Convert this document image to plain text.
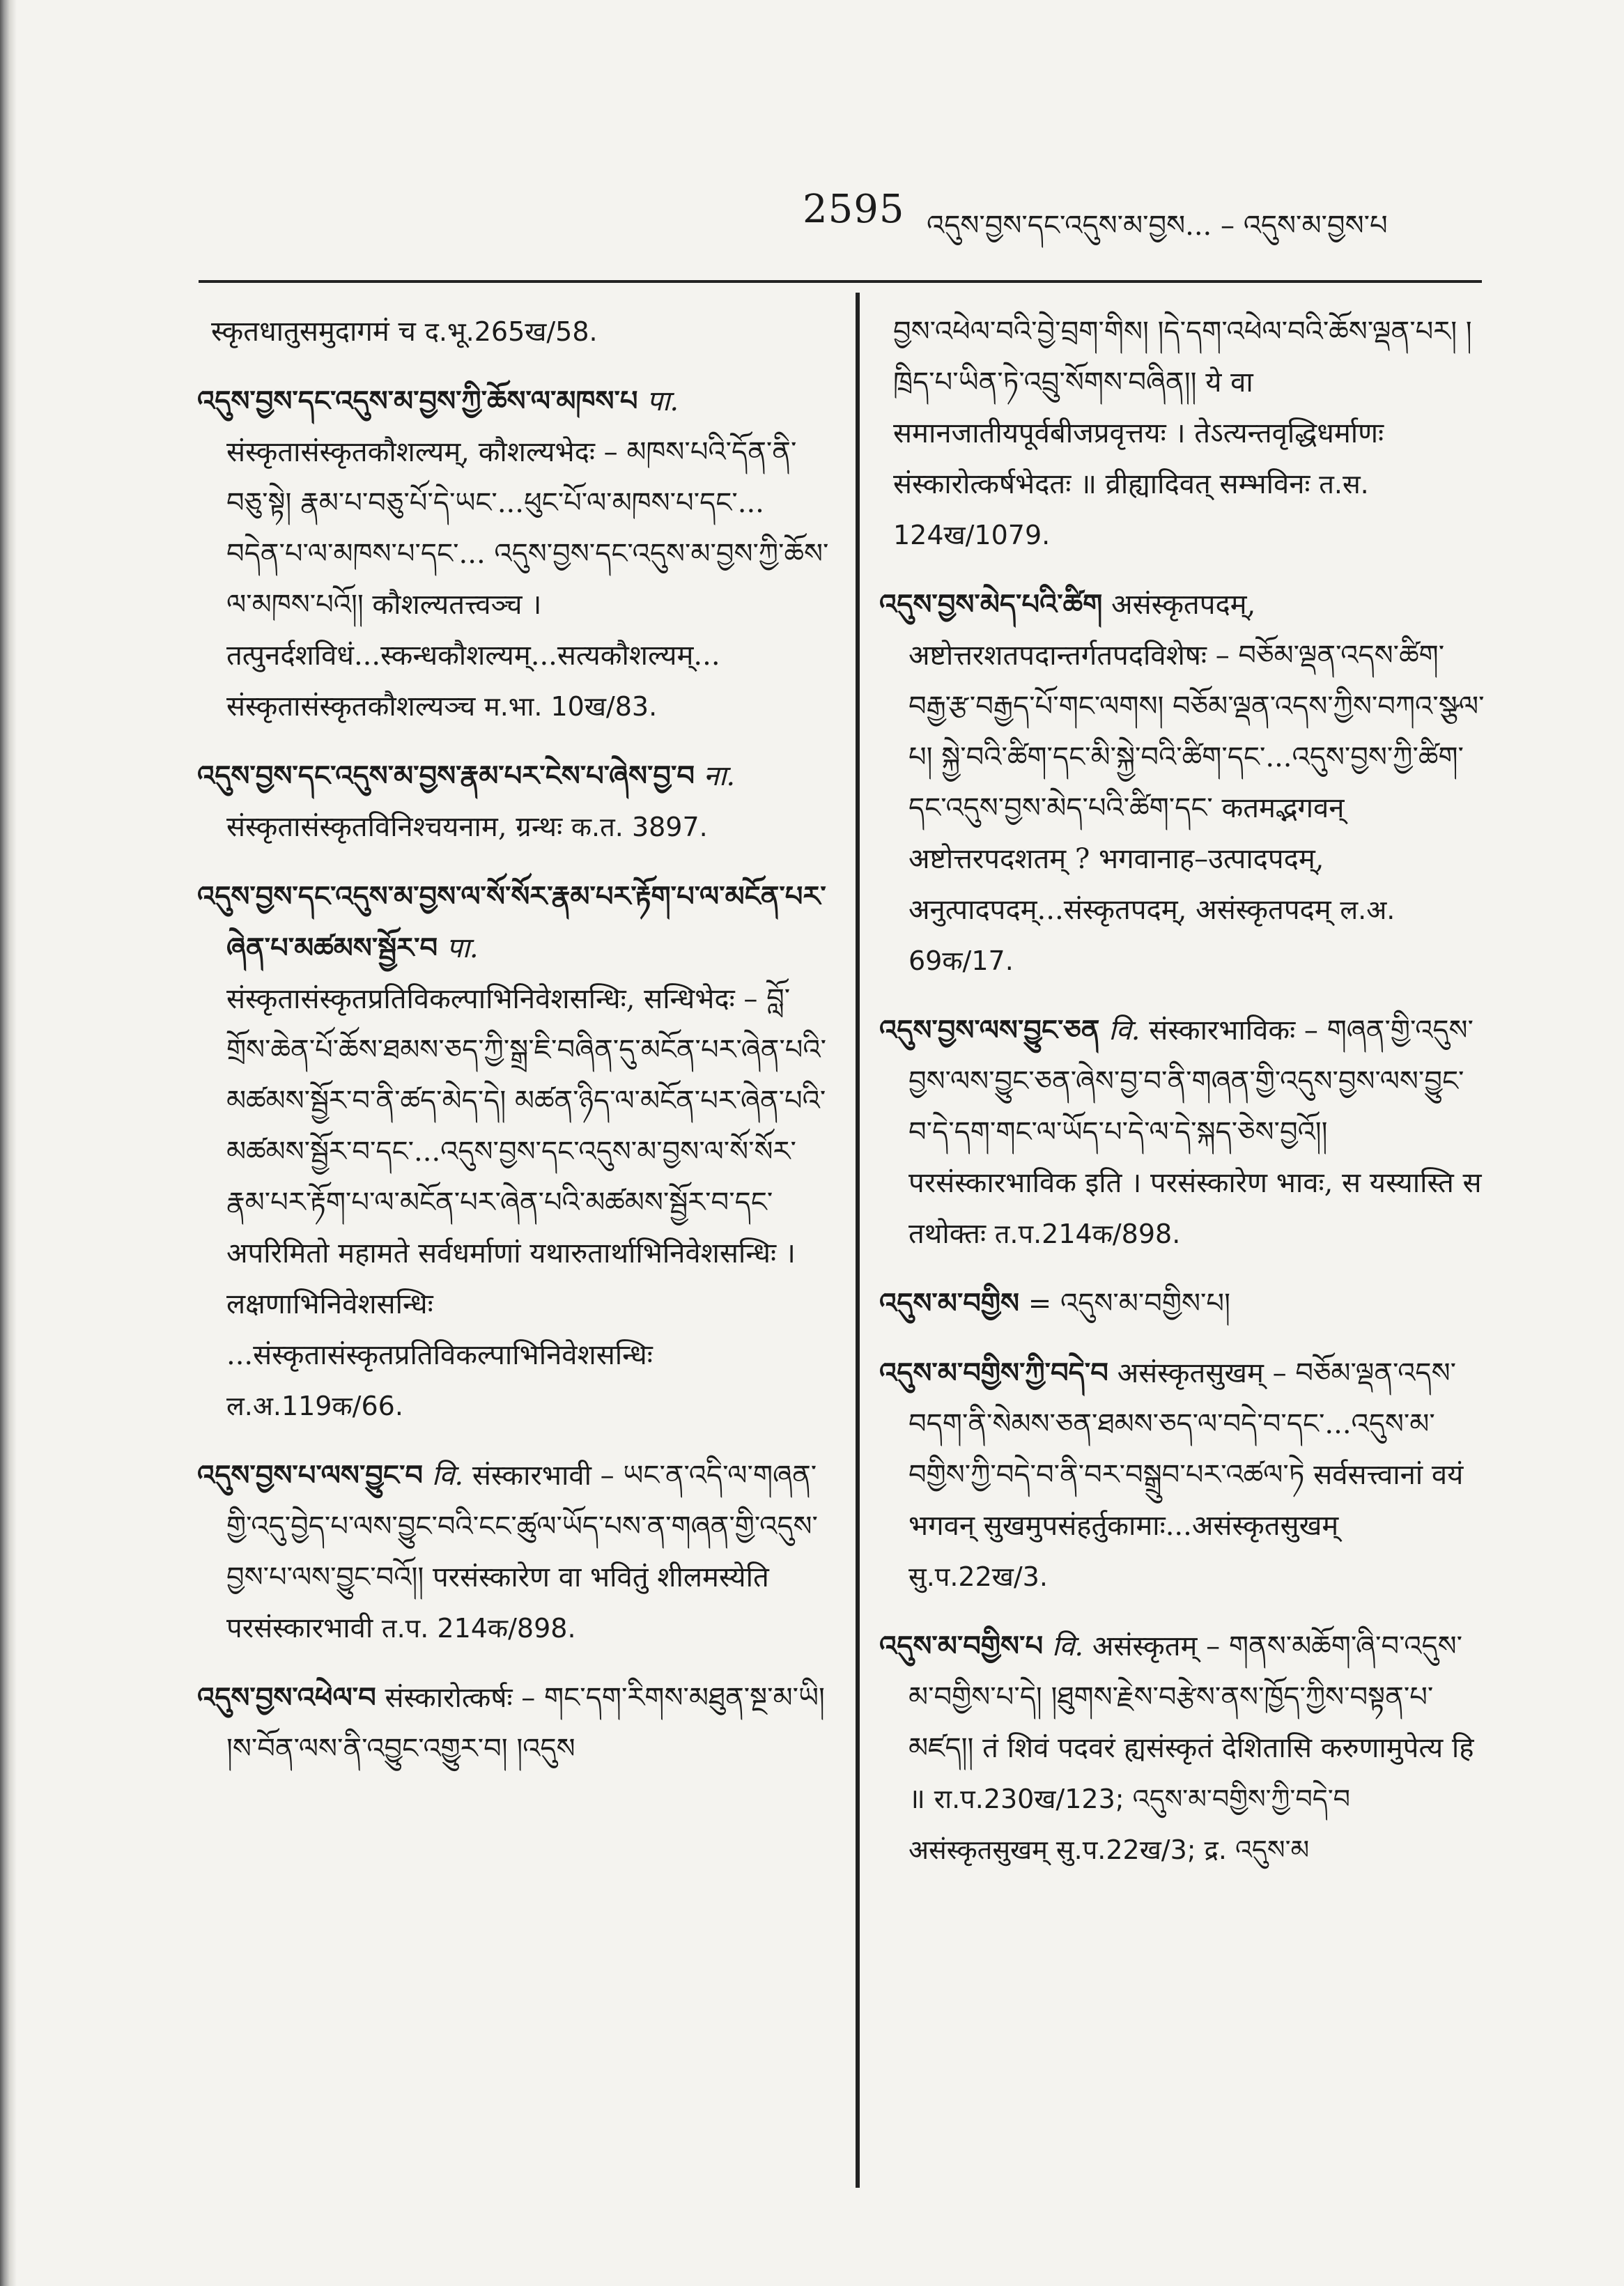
2595 འདུས་བྱས་དང་འདུས་མ་བྱས... – འདུས་མ་བྱས་པ

स्कृतधातुसमुदागमं च द.भू.265ख/58.

འདུས་བྱས་དང་འདུས་མ་བྱས་ཀྱི་ཆོས་ལ་མཁས་པ पा. संस्कृतासंस्कृतकौशल्यम्, कौशल्यभेदः – མཁས་པའི་དོན་ནི་བཅུ་སྟེ། རྣམ་པ་བཅུ་པོ་དེ་ཡང་...ཕུང་པོ་ལ་མཁས་པ་དང་... བདེན་པ་ལ་མཁས་པ་དང་... འདུས་བྱས་དང་འདུས་མ་བྱས་ཀྱི་ཆོས་ལ་མཁས་པའོ།། कौशल्यतत्त्वञ्च । तत्पुनर्दशविधं...स्कन्धकौशल्यम्...सत्यकौशल्यम्... संस्कृतासंस्कृतकौशल्यञ्च म.भा. 10ख/83.

འདུས་བྱས་དང་འདུས་མ་བྱས་རྣམ་པར་ངེས་པ་ཞེས་བྱ་བ ना. संस्कृतासंस्कृतविनिश्चयनाम, ग्रन्थः क.त. 3897.

འདུས་བྱས་དང་འདུས་མ་བྱས་ལ་སོ་སོར་རྣམ་པར་རྟོག་པ་ལ་མངོན་པར་ཞེན་པ་མཚམས་སྦྱོར་བ पा. संस्कृतासंस्कृतप्रतिविकल्पाभिनिवेशसन्धिः, सन्धिभेदः – བློ་གྲོས་ཆེན་པོ་ཆོས་ཐམས་ཅད་ཀྱི་སྒྲ་ཇི་བཞིན་དུ་མངོན་པར་ཞེན་པའི་མཚམས་སྦྱོར་བ་ནི་ཚད་མེད་དེ། མཚན་ཉིད་ལ་མངོན་པར་ཞེན་པའི་མཚམས་སྦྱོར་བ་དང་...འདུས་བྱས་དང་འདུས་མ་བྱས་ལ་སོ་སོར་རྣམ་པར་རྟོག་པ་ལ་མངོན་པར་ཞེན་པའི་མཚམས་སྦྱོར་བ་དང་ अपरिमितो महामते सर्वधर्माणां यथारुतार्थाभिनिवेशसन्धिः । लक्षणाभिनिवेशसन्धिः ...संस्कृतासंस्कृतप्रतिविकल्पाभिनिवेशसन्धिः ल.अ.119क/66.

འདུས་བྱས་པ་ལས་བྱུང་བ वि. संस्कारभावी – ཡང་ན་འདི་ལ་གཞན་གྱི་འདུ་བྱེད་པ་ལས་བྱུང་བའི་ངང་ཚུལ་ཡོད་པས་ན་གཞན་གྱི་འདུས་བྱས་པ་ལས་བྱུང་བའོ།། परसंस्कारेण वा भवितुं शीलमस्येति परसंस्कारभावी त.प. 214क/898.

འདུས་བྱས་འཕེལ་བ संस्कारोत्कर्षः – གང་དག་རིགས་མཐུན་སྔ་མ་ཡི། །ས་བོན་ལས་ནི་འབྱུང་འགྱུར་བ། །འདུས

བྱས་འཕེལ་བའི་བྱེ་བྲག་གིས། །དེ་དག་འཕེལ་བའི་ཆོས་ལྡན་པར། །ཁྲིད་པ་ཡིན་ཏེ་འབྲུ་སོགས་བཞིན།། ये वा समानजातीयपूर्वबीजप्रवृत्तयः । तेऽत्यन्तवृद्धिधर्माणः संस्कारोत्कर्षभेदतः ॥ व्रीह्यादिवत् सम्भविनः त.स. 124ख/1079.

འདུས་བྱས་མེད་པའི་ཚིག असंस्कृतपदम्, अष्टोत्तरशतपदान्तर्गतपदविशेषः – བཅོམ་ལྡན་འདས་ཚིག་བརྒྱ་རྩ་བརྒྱད་པོ་གང་ལགས། བཅོམ་ལྡན་འདས་ཀྱིས་བཀའ་སྩལ་པ། སྐྱེ་བའི་ཚིག་དང་མི་སྐྱེ་བའི་ཚིག་དང་...འདུས་བྱས་ཀྱི་ཚིག་དང་འདུས་བྱས་མེད་པའི་ཚིག་དང་ कतमद्भगवन् अष्टोत्तरपदशतम् ? भगवानाह–उत्पादपदम्, अनुत्पादपदम्...संस्कृतपदम्, असंस्कृतपदम् ल.अ. 69क/17.

འདུས་བྱས་ལས་བྱུང་ཅན वि. संस्कारभाविकः – གཞན་གྱི་འདུས་བྱས་ལས་བྱུང་ཅན་ཞེས་བྱ་བ་ནི་གཞན་གྱི་འདུས་བྱས་ལས་བྱུང་བ་དེ་དག་གང་ལ་ཡོད་པ་དེ་ལ་དེ་སྐད་ཅེས་བྱའོ།། परसंस्कारभाविक इति । परसंस्कारेण भावः, स यस्यास्ति स तथोक्तः त.प.214क/898.

འདུས་མ་བགྱིས = འདུས་མ་བགྱིས་པ།

འདུས་མ་བགྱིས་ཀྱི་བདེ་བ असंस्कृतसुखम् – བཅོམ་ལྡན་འདས་བདག་ནི་སེམས་ཅན་ཐམས་ཅད་ལ་བདེ་བ་དང་...འདུས་མ་བགྱིས་ཀྱི་བདེ་བ་ནི་བར་བསྒྲུབ་པར་འཚལ་ཏེ सर्वसत्त्वानां वयं भगवन् सुखमुपसंहर्तुकामाः...असंस्कृतसुखम् सु.प.22ख/3.

འདུས་མ་བགྱིས་པ वि. असंस्कृतम् – གནས་མཆོག་ཞི་བ་འདུས་མ་བགྱིས་པ་དེ། །ཐུགས་རྗེས་བརྩེས་ནས་ཁྱོད་ཀྱིས་བསྟན་པ་མཛད།། तं शिवं पदवरं ह्यसंस्कृतं देशितासि करुणामुपेत्य हि ॥ रा.प.230ख/123; འདུས་མ་བགྱིས་ཀྱི་བདེ་བ असंस्कृतसुखम् सु.प.22ख/3; द्र. འདུས་མ
